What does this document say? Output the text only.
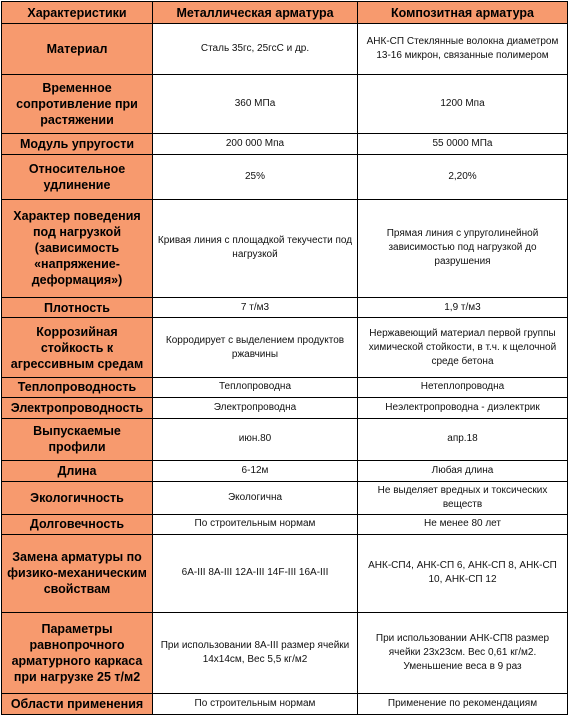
Характеристики	Металлическая арматура	Композитная арматура
Материал	Сталь 35гс, 25гсС и др.	АНК-СП Стеклянные волокна диаметром 13-16 микрон, связанные полимером
Временное сопротивление при растяжении	360 МПа	1200 Мпа
Модуль упругости	200 000 Мпа	55 0000 МПа
Относительное удлинение	25%	2,20%
Характер поведения под нагрузкой (зависимость «напряжение-деформация»)	Кривая линия с площадкой текучести под нагрузкой	Прямая линия с упруголинейной зависимостью под нагрузкой до разрушения
Плотность	7 т/м3	1,9 т/м3
Коррозийная стойкость к агрессивным средам	Корродирует с выделением продуктов ржавчины	Нержавеющий материал первой группы химической стойкости, в т.ч. к щелочной среде бетона
Теплопроводность	Теплопроводна	Нетеплопроводна
Электропроводность	Электропроводна	Неэлектропроводна - диэлектрик
Выпускаемые профили	июн.80	апр.18
Длина	6-12м	Любая длина
Экологичность	Экологична	Не выделяет вредных и токсических веществ
Долговечность	По строительным нормам	Не менее 80 лет
Замена арматуры по физико-механическим свойствам	6А-III 8А-III 12А-III 14F-III 16А-III	АНК-СП4, АНК-СП 6, АНК-СП 8, АНК-СП 10, АНК-СП 12
Параметры равнопрочного арматурного каркаса при нагрузке 25 т/м2	При использовании 8А-III размер ячейки 14х14см, Вес 5,5 кг/м2	При использовании АНК-СП8 размер ячейки 23х23см. Вес 0,61 кг/м2. Уменьшение веса в 9 раз
Области применения	По строительным нормам	Применение по рекомендациям
